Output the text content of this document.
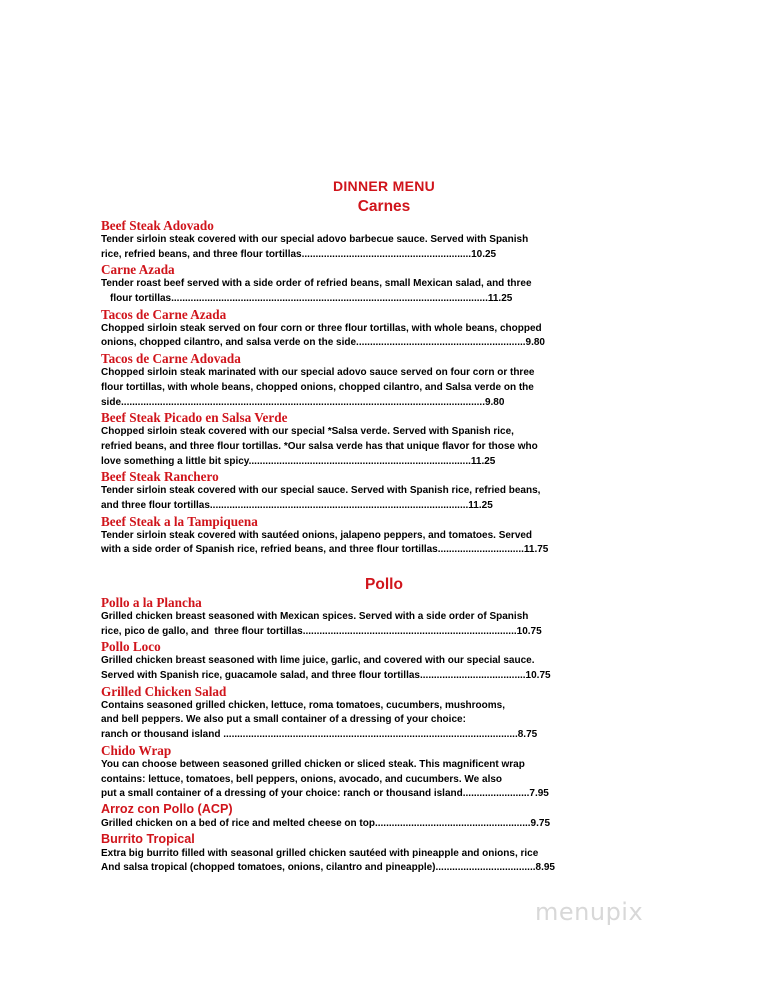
DINNER MENU
Carnes
Beef Steak Adovado
Tender sirloin steak covered with our special adovo barbecue sauce. Served with Spanish
rice, refried beans, and three flour tortillas.............................................................10.25
Carne Azada
Tender roast beef served with a side order of refried beans, small Mexican salad, and three
flour tortillas..................................................................................................................11.25
Tacos de Carne Azada
Chopped sirloin steak served on four corn or three flour tortillas, with whole beans, chopped
onions, chopped cilantro, and salsa verde on the side.............................................................9.80
Tacos de Carne Adovada
Chopped sirloin steak marinated with our special adovo sauce served on four corn or three
flour tortillas, with whole beans, chopped onions, chopped cilantro, and Salsa verde on the
side...................................................................................................................................9.80
Beef Steak Picado en Salsa Verde
Chopped sirloin steak covered with our special *Salsa verde. Served with Spanish rice,
refried beans, and three flour tortillas. *Our salsa verde has that unique flavor for those who
love something a little bit spicy................................................................................11.25
Beef Steak Ranchero
Tender sirloin steak covered with our special sauce. Served with Spanish rice, refried beans,
and three flour tortillas.............................................................................................11.25
Beef Steak a la Tampiquena
Tender sirloin steak covered with sautéed onions, jalapeno peppers, and tomatoes. Served
with a side order of Spanish rice, refried beans, and three flour tortillas...............................11.75
Pollo
Pollo a la Plancha
Grilled chicken breast seasoned with Mexican spices. Served with a side order of Spanish
rice, pico de gallo, and  three flour tortillas.............................................................................10.75
Pollo Loco
Grilled chicken breast seasoned with lime juice, garlic, and covered with our special sauce.
Served with Spanish rice, guacamole salad, and three flour tortillas......................................10.75
Grilled Chicken Salad
Contains seasoned grilled chicken, lettuce, roma tomatoes, cucumbers, mushrooms,
and bell peppers. We also put a small container of a dressing of your choice:
ranch or thousand island ..........................................................................................................8.75
Chido Wrap
You can choose between seasoned grilled chicken or sliced steak. This magnificent wrap
contains: lettuce, tomatoes, bell peppers, onions, avocado, and cucumbers. We also
put a small container of a dressing of your choice: ranch or thousand island........................7.95
Arroz con Pollo (ACP)
Grilled chicken on a bed of rice and melted cheese on top........................................................9.75
Burrito Tropical
Extra big burrito filled with seasonal grilled chicken sautéed with pineapple and onions, rice
And salsa tropical (chopped tomatoes, onions, cilantro and pineapple)....................................8.95
menupix
